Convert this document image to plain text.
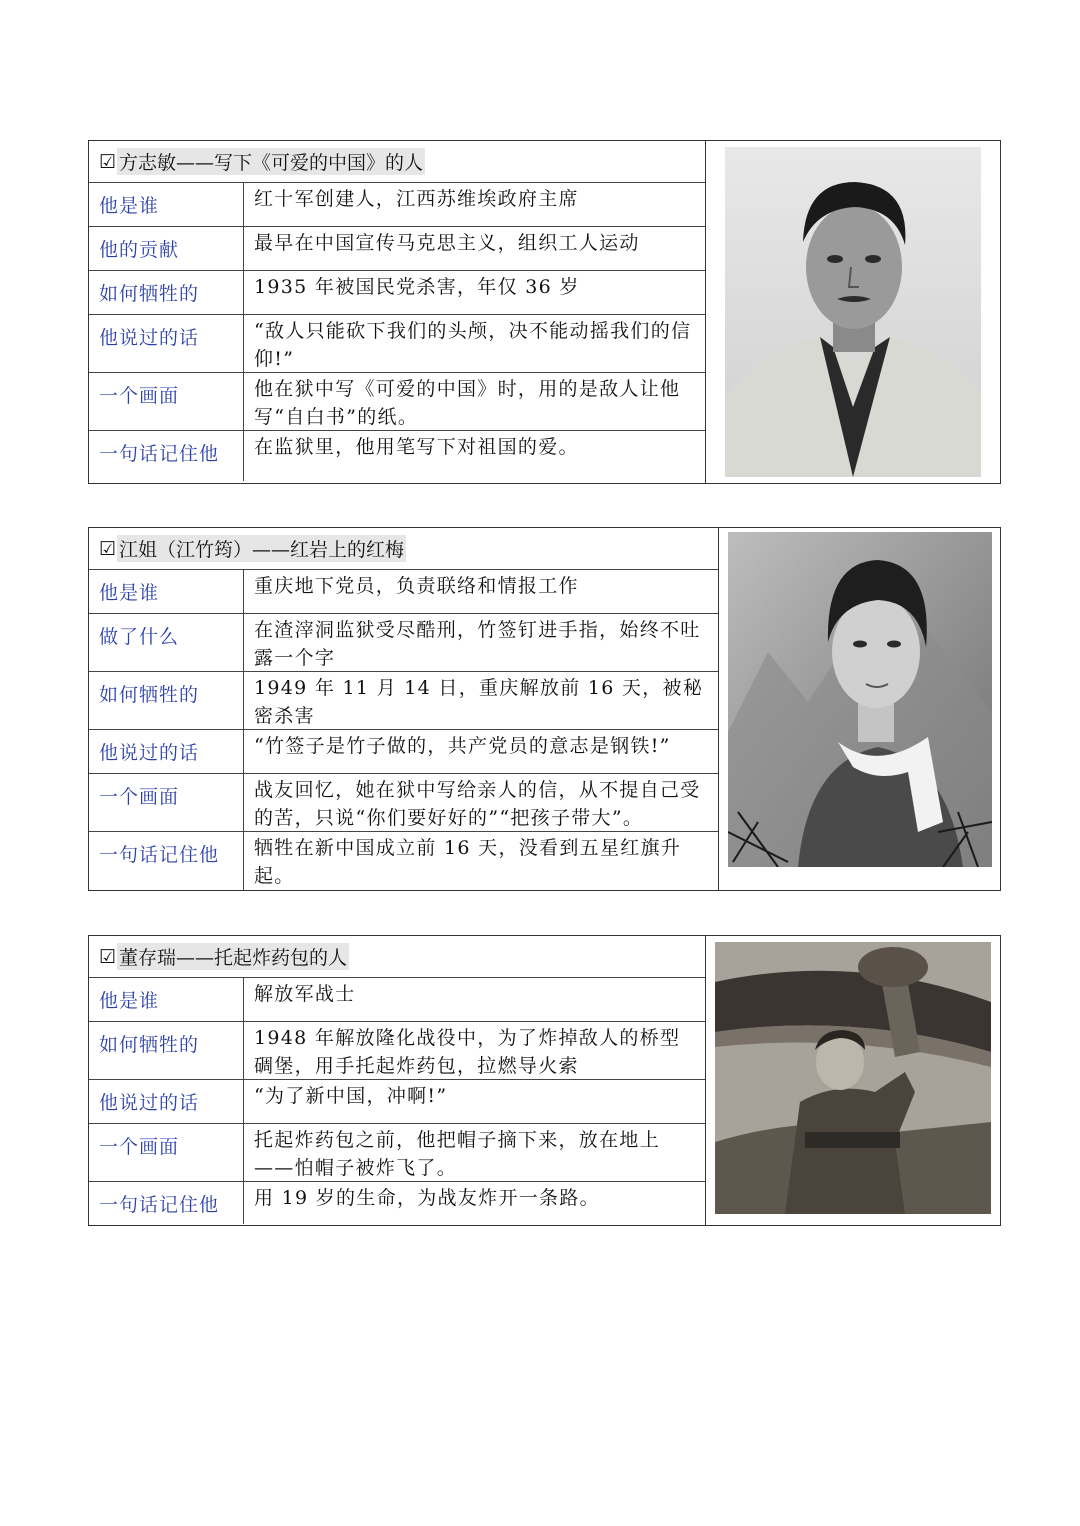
☑ 方志敏——写下《可爱的中国》的人
他是谁	红十军创建人，江西苏维埃政府主席
他的贡献	最早在中国宣传马克思主义，组织工人运动
如何牺牲的	1935 年被国民党杀害，年仅 36 岁
他说过的话	“敌人只能砍下我们的头颅，决不能动摇我们的信仰!”
一个画面	他在狱中写《可爱的中国》时，用的是敌人让他写“自白书”的纸。
一句话记住他	在监狱里，他用笔写下对祖国的爱。
☑ 江姐（江竹筠）——红岩上的红梅
他是谁	重庆地下党员，负责联络和情报工作
做了什么	在渣滓洞监狱受尽酷刑，竹签钉进手指，始终不吐露一个字
如何牺牲的	1949 年 11 月 14 日，重庆解放前 16 天，被秘密杀害
他说过的话	“竹签子是竹子做的，共产党员的意志是钢铁!”
一个画面	战友回忆，她在狱中写给亲人的信，从不提自己受的苦，只说“你们要好好的”“把孩子带大”。
一句话记住他	牺牲在新中国成立前 16 天，没看到五星红旗升起。
☑ 董存瑞——托起炸药包的人
他是谁	解放军战士
如何牺牲的	1948 年解放隆化战役中，为了炸掉敌人的桥型碉堡，用手托起炸药包，拉燃导火索
他说过的话	“为了新中国，冲啊!”
一个画面	托起炸药包之前，他把帽子摘下来，放在地上——怕帽子被炸飞了。
一句话记住他	用 19 岁的生命，为战友炸开一条路。
